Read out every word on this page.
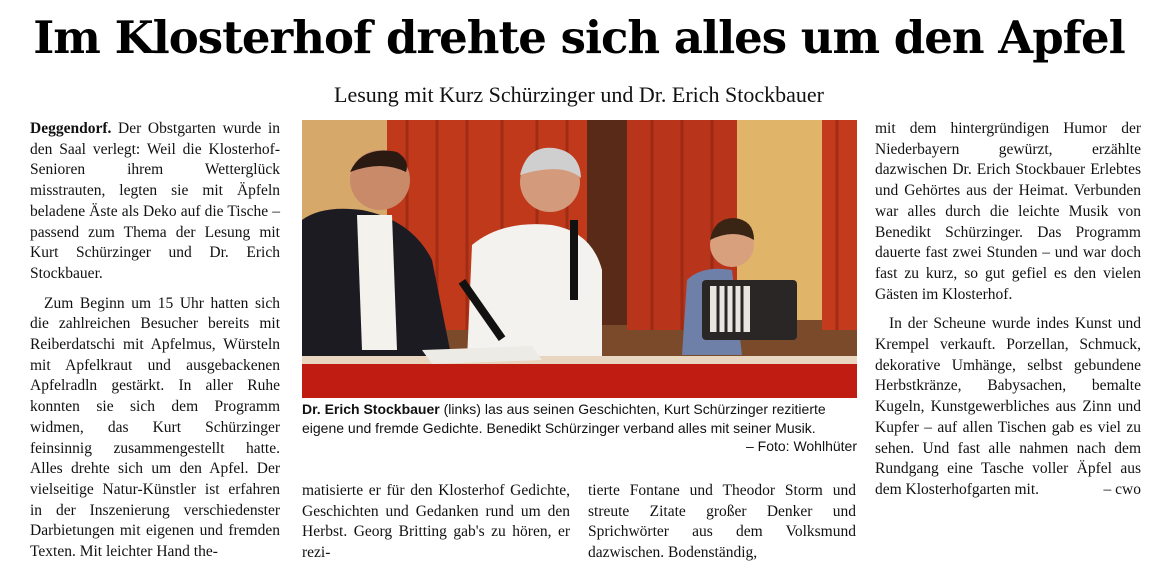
Im Klosterhof drehte sich alles um den Apfel
Lesung mit Kurz Schürzinger und Dr. Erich Stockbauer

Deggendorf. Der Obstgarten wurde in den Saal verlegt: Weil die Klosterhof-Senioren ihrem Wetterglück misstrauten, legten sie mit Äpfeln beladene Äste als Deko auf die Tische – passend zum Thema der Lesung mit Kurt Schürzinger und Dr. Erich Stockbauer.

Zum Beginn um 15 Uhr hatten sich die zahlreichen Besucher bereits mit Reiberdatschi mit Apfelmus, Würsteln mit Apfelkraut und ausgebackenen Apfelradln gestärkt. In aller Ruhe konnten sie sich dem Programm widmen, das Kurt Schürzinger feinsinnig zusammengestellt hatte. Alles drehte sich um den Apfel. Der vielseitige Natur-Künstler ist erfahren in der Inszenierung verschiedenster Darbietungen mit eigenen und fremden Texten. Mit leichter Hand the-

Dr. Erich Stockbauer (links) las aus seinen Geschichten, Kurt Schürzinger rezitierte eigene und fremde Gedichte. Benedikt Schürzinger verband alles mit seiner Musik.
– Foto: Wohlhüter

matisierte er für den Klosterhof Gedichte, Geschichten und Gedanken rund um den Herbst. Georg Britting gab's zu hören, er rezi-

tierte Fontane und Theodor Storm und streute Zitate großer Denker und Sprichwörter aus dem Volksmund dazwischen. Bodenständig,

mit dem hintergründigen Humor der Niederbayern gewürzt, erzählte dazwischen Dr. Erich Stockbauer Erlebtes und Gehörtes aus der Heimat. Verbunden war alles durch die leichte Musik von Benedikt Schürzinger. Das Programm dauerte fast zwei Stunden – und war doch fast zu kurz, so gut gefiel es den vielen Gästen im Klosterhof.

In der Scheune wurde indes Kunst und Krempel verkauft. Porzellan, Schmuck, dekorative Umhänge, selbst gebundene Herbstkränze, Babysachen, bemalte Kugeln, Kunstgewerbliches aus Zinn und Kupfer – auf allen Tischen gab es viel zu sehen. Und fast alle nahmen nach dem Rundgang eine Tasche voller Äpfel aus dem Klosterhofgarten mit.	– cwo
